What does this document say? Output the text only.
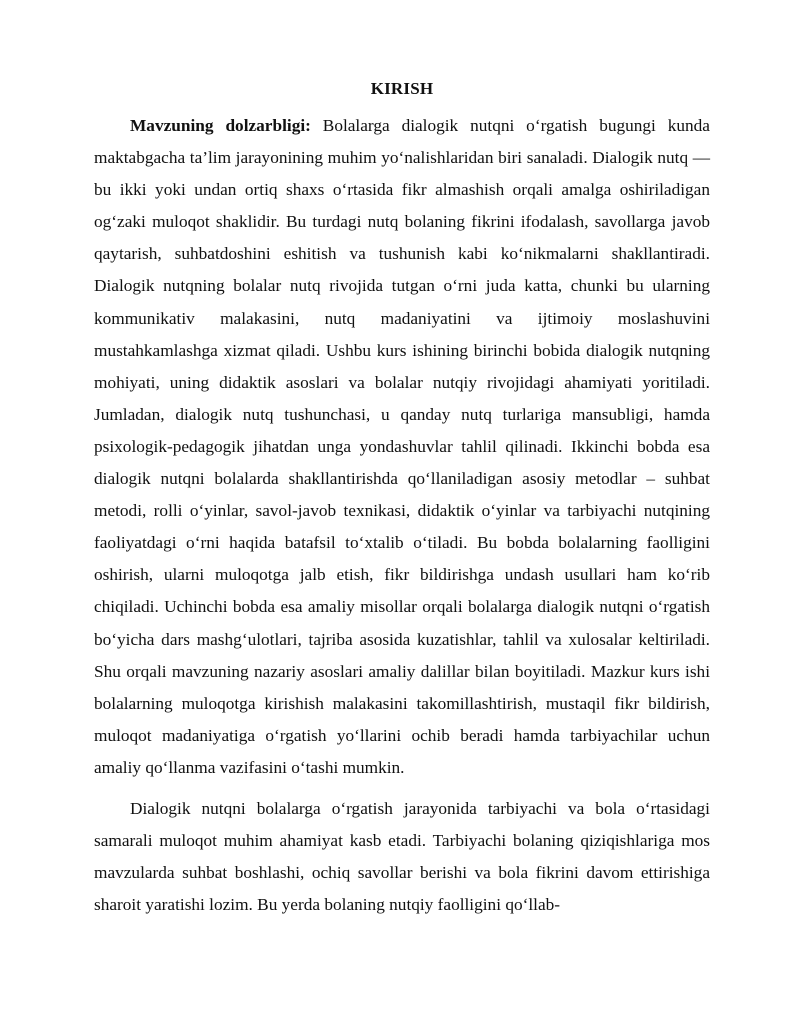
KIRISH

Mavzuning dolzarbligi: Bolalarga dialogik nutqni o‘rgatish bugungi kunda maktabgacha ta’lim jarayonining muhim yo‘nalishlaridan biri sanaladi. Dialogik nutq — bu ikki yoki undan ortiq shaxs o‘rtasida fikr almashish orqali amalga oshiriladigan og‘zaki muloqot shaklidir. Bu turdagi nutq bolaning fikrini ifodalash, savollarga javob qaytarish, suhbatdoshini eshitish va tushunish kabi ko‘nikmalarni shakllantiradi. Dialogik nutqning bolalar nutq rivojida tutgan o‘rni juda katta, chunki bu ularning kommunikativ malakasini, nutq madaniyatini va ijtimoiy moslashuvini mustahkamlashga xizmat qiladi. Ushbu kurs ishining birinchi bobida dialogik nutqning mohiyati, uning didaktik asoslari va bolalar nutqiy rivojidagi ahamiyati yoritiladi. Jumladan, dialogik nutq tushunchasi, u qanday nutq turlariga mansubligi, hamda psixologik-pedagogik jihatdan unga yondashuvlar tahlil qilinadi. Ikkinchi bobda esa dialogik nutqni bolalarda shakllantirishda qo‘llaniladigan asosiy metodlar – suhbat metodi, rolli o‘yinlar, savol-javob texnikasi, didaktik o‘yinlar va tarbiyachi nutqining faoliyatdagi o‘rni haqida batafsil to‘xtalib o‘tiladi. Bu bobda bolalarning faolligini oshirish, ularni muloqotga jalb etish, fikr bildirishga undash usullari ham ko‘rib chiqiladi. Uchinchi bobda esa amaliy misollar orqali bolalarga dialogik nutqni o‘rgatish bo‘yicha dars mashg‘ulotlari, tajriba asosida kuzatishlar, tahlil va xulosalar keltiriladi. Shu orqali mavzuning nazariy asoslari amaliy dalillar bilan boyitiladi. Mazkur kurs ishi bolalarning muloqotga kirishish malakasini takomillashtirish, mustaqil fikr bildirish, muloqot madaniyatiga o‘rgatish yo‘llarini ochib beradi hamda tarbiyachilar uchun amaliy qo‘llanma vazifasini o‘tashi mumkin.

Dialogik nutqni bolalarga o‘rgatish jarayonida tarbiyachi va bola o‘rtasidagi samarali muloqot muhim ahamiyat kasb etadi. Tarbiyachi bolaning qiziqishlariga mos mavzularda suhbat boshlashi, ochiq savollar berishi va bola fikrini davom ettirishiga sharoit yaratishi lozim. Bu yerda bolaning nutqiy faolligini qo‘llab-
